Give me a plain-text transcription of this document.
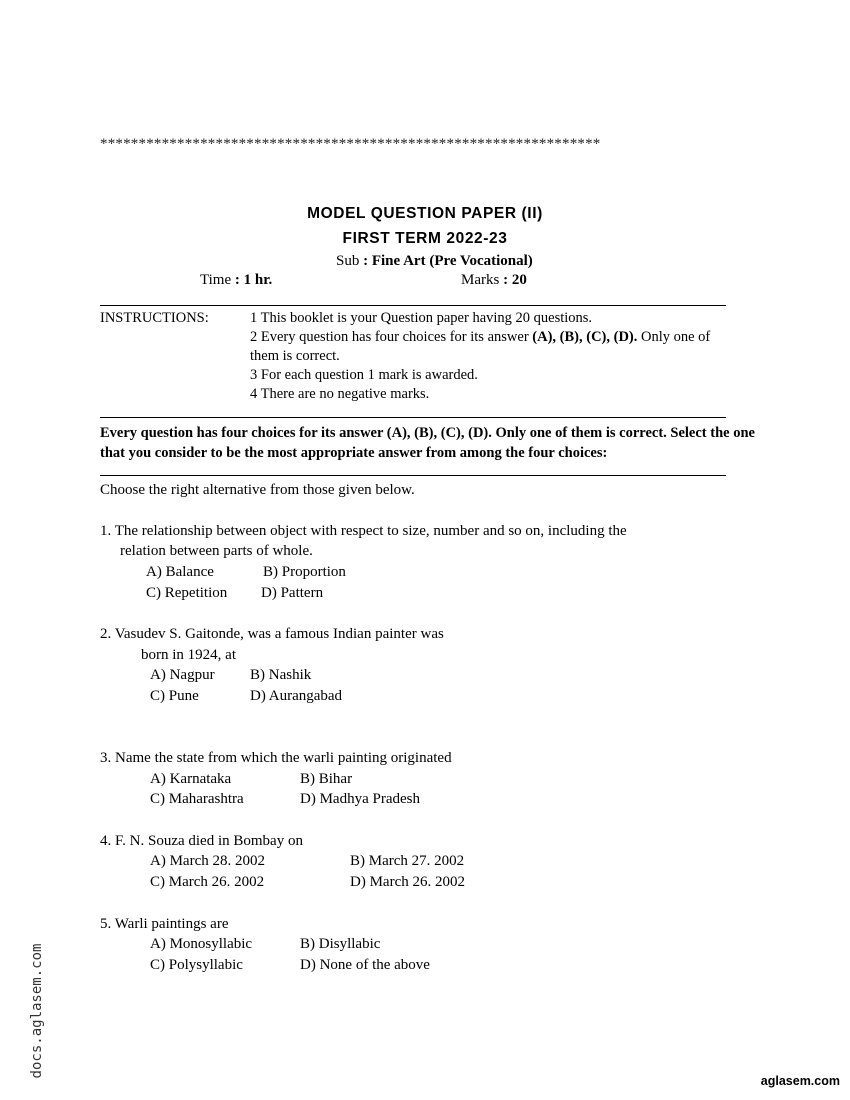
*****************************************************************
MODEL QUESTION PAPER (II)
FIRST TERM 2022-23
Sub : Fine Art (Pre Vocational)
Time : 1 hr.	Marks : 20
INSTRUCTIONS:	1 This booklet is your Question paper having 20 questions.
2 Every question has four choices for its answer (A), (B), (C), (D). Only one of
them is correct.
3 For each question 1 mark is awarded.
4 There are no negative marks.
Every question has four choices for its answer (A), (B), (C), (D). Only one of them is correct. Select the one that you consider to be the most appropriate answer from among the four choices:
Choose the right alternative from those given below.
1. The relationship between object with respect to size, number and so on, including the
relation between parts of whole.
A) Balance	B) Proportion
C) Repetition D) Pattern
2. Vasudev S. Gaitonde, was a famous Indian painter was
born in 1924, at
A) Nagpur B) Nashik
C) Pune	D) Aurangabad
3. Name the state from which the warli painting originated
A) Karnataka	B) Bihar
C) Maharashtra	D) Madhya Pradesh
4. F. N. Souza died in Bombay on
A) March 28. 2002	B) March 27. 2002
C) March 26. 2002	D) March 26. 2002
5. Warli paintings are
A) Monosyllabic	B) Disyllabic
C) Polysyllabic	D) None of the above
docs.aglasem.com
aglasem.com
